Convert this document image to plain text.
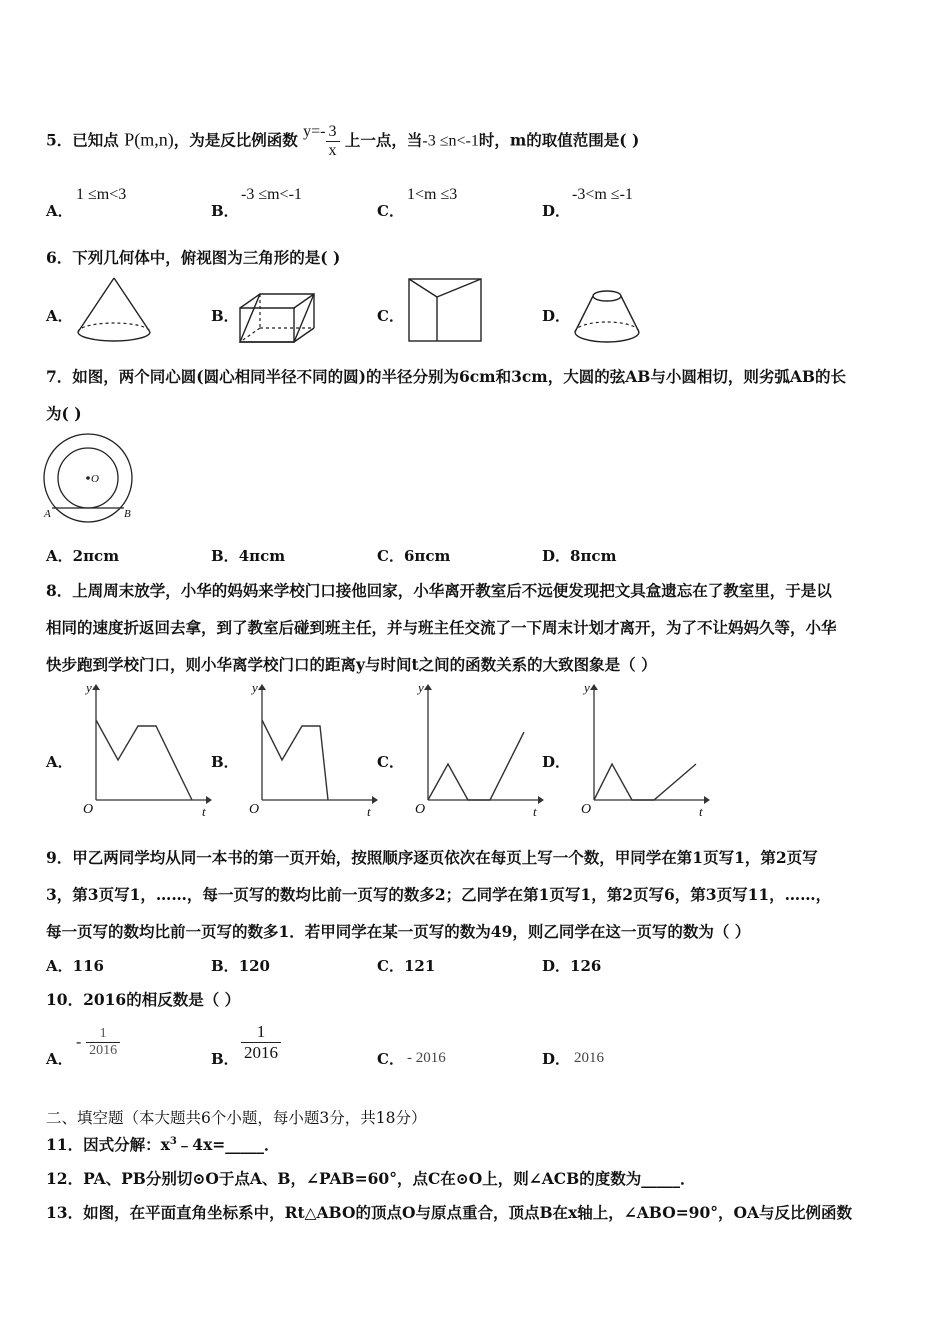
5．已知点 P(m,n)，为是反比例函数 $y=- \frac{3}{x}$ 上一点，当-3 ≤n<-1时，m的取值范围是( )
A．
1 ≤m<3
B．
-3 ≤m<-1
C．
1<m ≤3
D．
-3<m ≤-1
6．下列几何体中，俯视图为三角形的是( )
A．	B．	C．	D．
7．如图，两个同心圆(圆心相同半径不同的圆)的半径分别为6cm和3cm，大圆的弦AB与小圆相切，则劣弧AB的长
为( )
O
A	B
A．2πcm	B．4πcm	C．6πcm	D．8πcm
8．上周周末放学，小华的妈妈来学校门口接他回家，小华离开教室后不远便发现把文具盒遗忘在了教室里，于是以
相同的速度折返回去拿，到了教室后碰到班主任，并与班主任交流了一下周末计划才离开，为了不让妈妈久等，小华
快步跑到学校门口，则小华离学校门口的距离y与时间t之间的函数关系的大致图象是（ ）
A．
y
O	t
B．
y
O	t
C．
y
O	t
D．
y
O	t
9．甲乙两同学均从同一本书的第一页开始，按照顺序逐页依次在每页上写一个数，甲同学在第1页写1，第2页写
3，第3页写1，……，每一页写的数均比前一页写的数多2；乙同学在第1页写1，第2页写6，第3页写11，……，
每一页写的数均比前一页写的数多1．若甲同学在某一页写的数为49，则乙同学在这一页写的数为（ ）
A．116	B．120	C．121	D．126
10．2016的相反数是（ ）
A．
- $\frac{1}{2016}$	B． $\frac{1}{2016}$	C． - 2016	D． 2016
二、填空题（本大题共6个小题，每小题3分，共18分）
11．因式分解：$x^3﹣4x=\_\_\_\_\_$．
12．PA、PB分别切⊙O于点A、B，∠PAB=60°，点C在⊙O上，则∠ACB的度数为_____．
13．如图，在平面直角坐标系中，Rt△ABO的顶点O与原点重合，顶点B在x轴上，∠ABO=90°，OA与反比例函数
